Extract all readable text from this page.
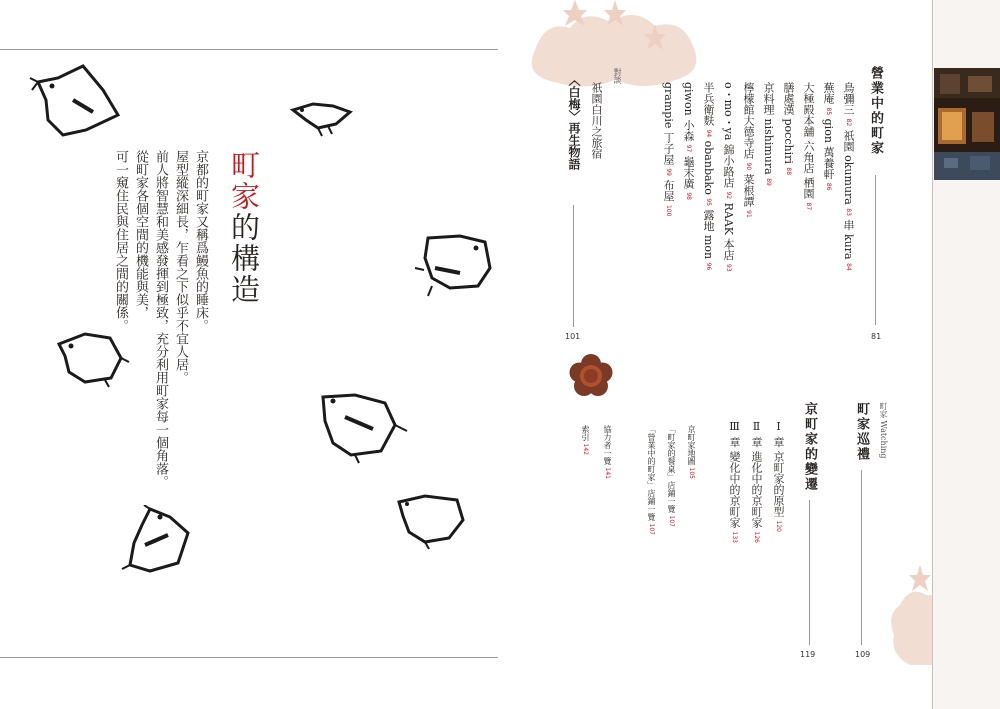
町家的構造
京都的町家又稱爲鰻魚的睡床。
屋型縱深細長，乍看之下似乎不宜人居。
前人將智慧和美感發揮到極致，充分利用町家每一個角落。
從町家各個空間的機能與美，
可一窺住民與住居之間的關係。
營業中的町家
81
鳥彌三 82 祇園 okumura 83 串 kura 84
蕪庵 85 gion 萬養軒 86
大極殿本舖 六角店 栖園 87
膳處漢 pocchiri 88
京料理 nishimura 89
檸檬館大德寺店 90 菜根譚 91
o・mo・ya 錦小路店 92 RAAK 本店 93
半兵衛麩 94 obanbako 95 露地 mon 96
giwon 小森 97 龜末廣 98
grampie 丁子屋 99 布屋 100
對談
祇園白川之旅宿
〈白梅〉再生物語
101
町家 Watching
町家巡禮
109
京町家的變遷
119
Ⅰ 章 京町家的原型 120
Ⅱ 章 進化中的京町家 126
Ⅲ 章 變化中的京町家 133
京町家地圖 105
「町家的餐桌」店鋪一覽 107
「營業中的町家」店鋪一覽 107
協力者一覽 141
索引 142
